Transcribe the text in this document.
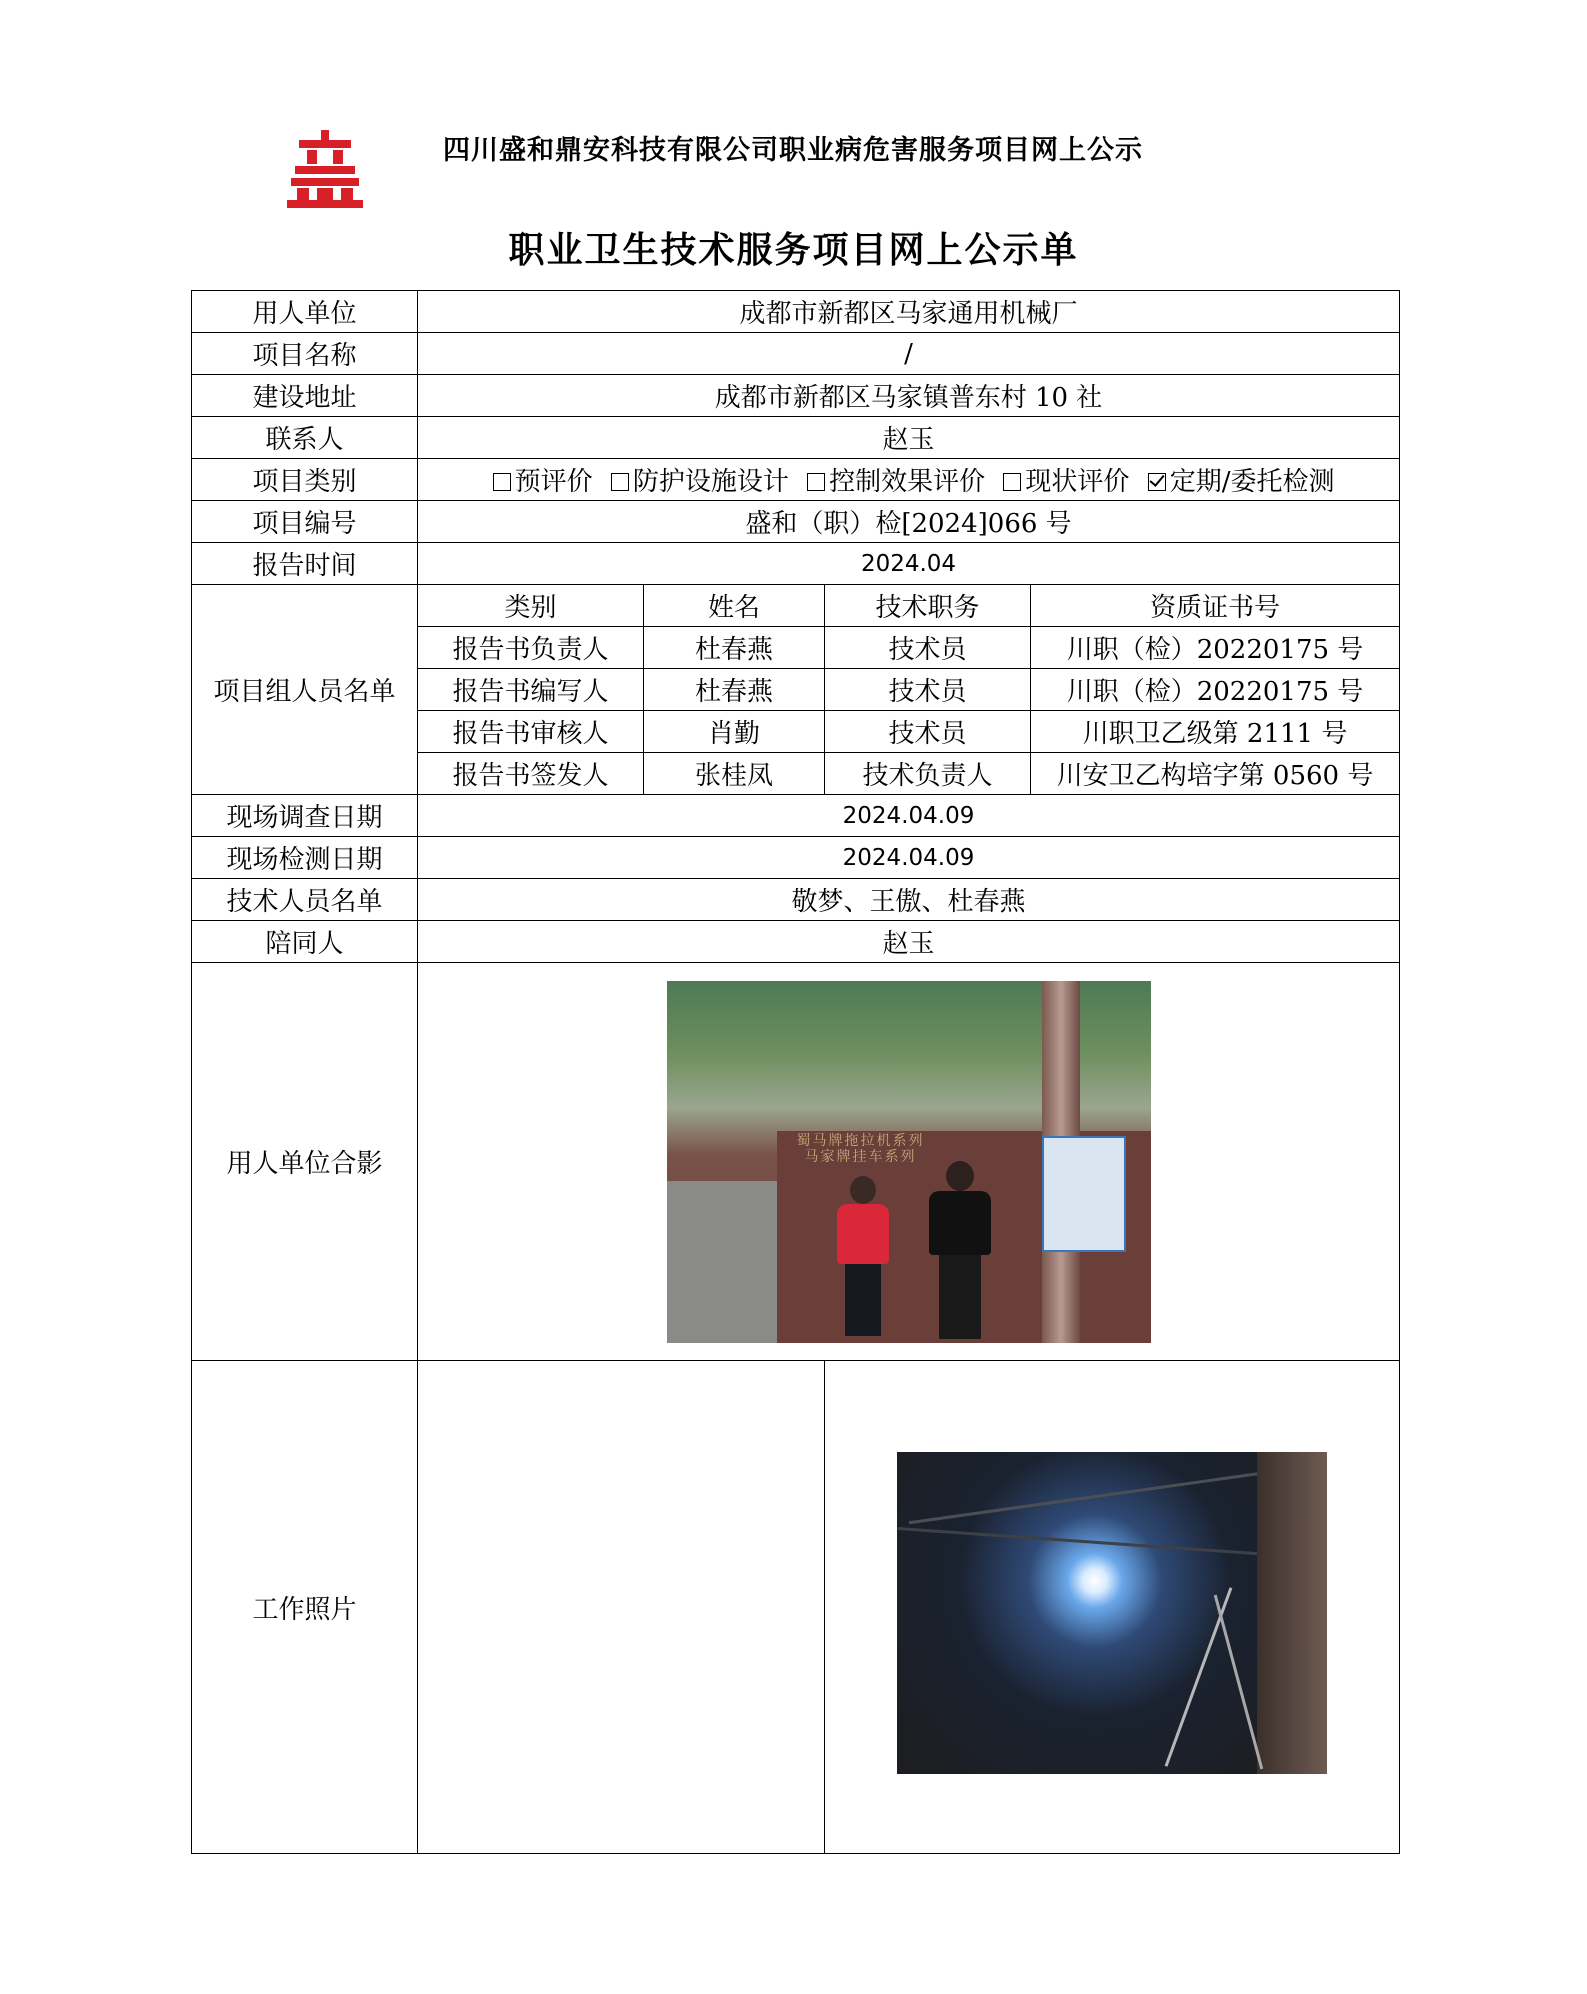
四川盛和鼎安科技有限公司职业病危害服务项目网上公示
职业卫生技术服务项目网上公示单
用人单位	成都市新都区马家通用机械厂			
项目名称	/			
建设地址	成都市新都区马家镇普东村 10 社			
联系人	赵玉			
项目类别	预评价 防护设施设计 控制效果评价 现状评价 定期/委托检测			
项目编号	盛和（职）检[2024]066 号			
报告时间	2024.04			
项目组人员名单	类别	姓名	技术职务	资质证书号
	报告书负责人	杜春燕	技术员	川职（检）20220175 号
	报告书编写人	杜春燕	技术员	川职（检）20220175 号
	报告书审核人	肖勤	技术员	川职卫乙级第 2111 号
	报告书签发人	张桂凤	技术负责人	川安卫乙构培字第 0560 号
现场调查日期	2024.04.09			
现场检测日期	2024.04.09			
技术人员名单	敬梦、王傲、杜春燕			
陪同人	赵玉			
用人单位合影	蜀马牌拖拉机系列
马家牌挂车系列			

工作照片			
